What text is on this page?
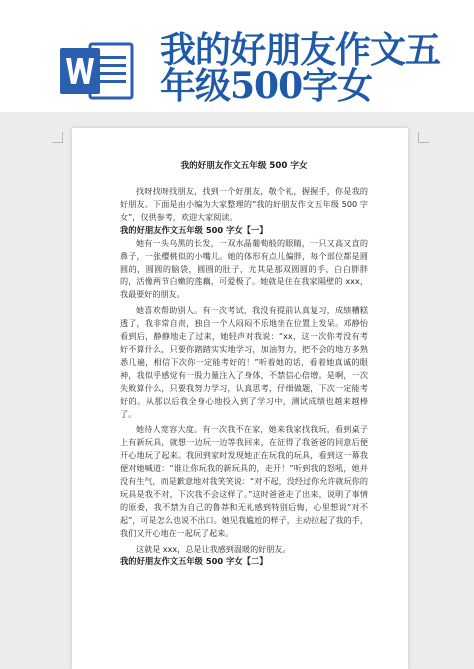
我的好朋友作文五
年级500字女
我的好朋友作文五年级 500 字女

找呀找呀找朋友，找到一个好朋友，敬个礼，握握手，你是我的好朋友。下面是由小编为大家整理的“我的好朋友作文五年级 500 字女”，仅供参考，欢迎大家阅读。

我的好朋友作文五年级 500 字女【一】

她有一头乌黑的长发，一双水晶葡萄般的眼睛，一只又高又直的鼻子，一张樱桃似的小嘴儿。她的体形有点儿偏胖，每个部位都是圆圆的，圆圆的脑袋，圆圆的肚子，尤其是那双圆圆的手，白白胖胖的，活像两节白嫩的莲藕，可爱极了。她就是住在我家隔壁的 xxx，我最要好的朋友。

她喜欢帮助别人。有一次考试，我没有提前认真复习，成绩糟糕透了，我非常自责，独自一个人闷闷不乐地坐在位置上发呆。邓静怡看到后，静静地走了过来，她轻声对我说：“xx，这一次你考没有考好不算什么，只要你踏踏实实地学习，加油努力，把不会的地方多熟悉几遍，相信下次你一定能考好的！”听着她的话，看着她真诚的眼神，我似乎感觉有一股力量注入了身体，不禁信心倍增。是啊，一次失败算什么，只要我努力学习，认真思考，仔细做题，下次一定能考好的。从那以后我全身心地投入到了学习中，测试成绩也越来越棒了。

她待人宽容大度。有一次我不在家，她来我家找我玩，看到桌子上有新玩具，就想一边玩一边等我回来，在征得了我爸爸的同意后便开心地玩了起来。我回到家时发现她正在玩我的玩具，看到这一幕我便对她喊道：“谁让你玩我的新玩具的，走开！”听到我的怒吼，她并没有生气，而是歉意地对我笑笑说：“对不起，没经过你允许就玩你的玩具是我不对，下次我不会这样了。”这时爸爸走了出来，说明了事情的原委，我不禁为自己的鲁莽和无礼感到特别后悔，心里想说“对不起”，可是怎么也说不出口。她见我尴尬的样子，主动拉起了我的手，我们又开心地在一起玩了起来。

这就是 xxx，总是让我感到温暖的好朋友。

我的好朋友作文五年级 500 字女【二】
